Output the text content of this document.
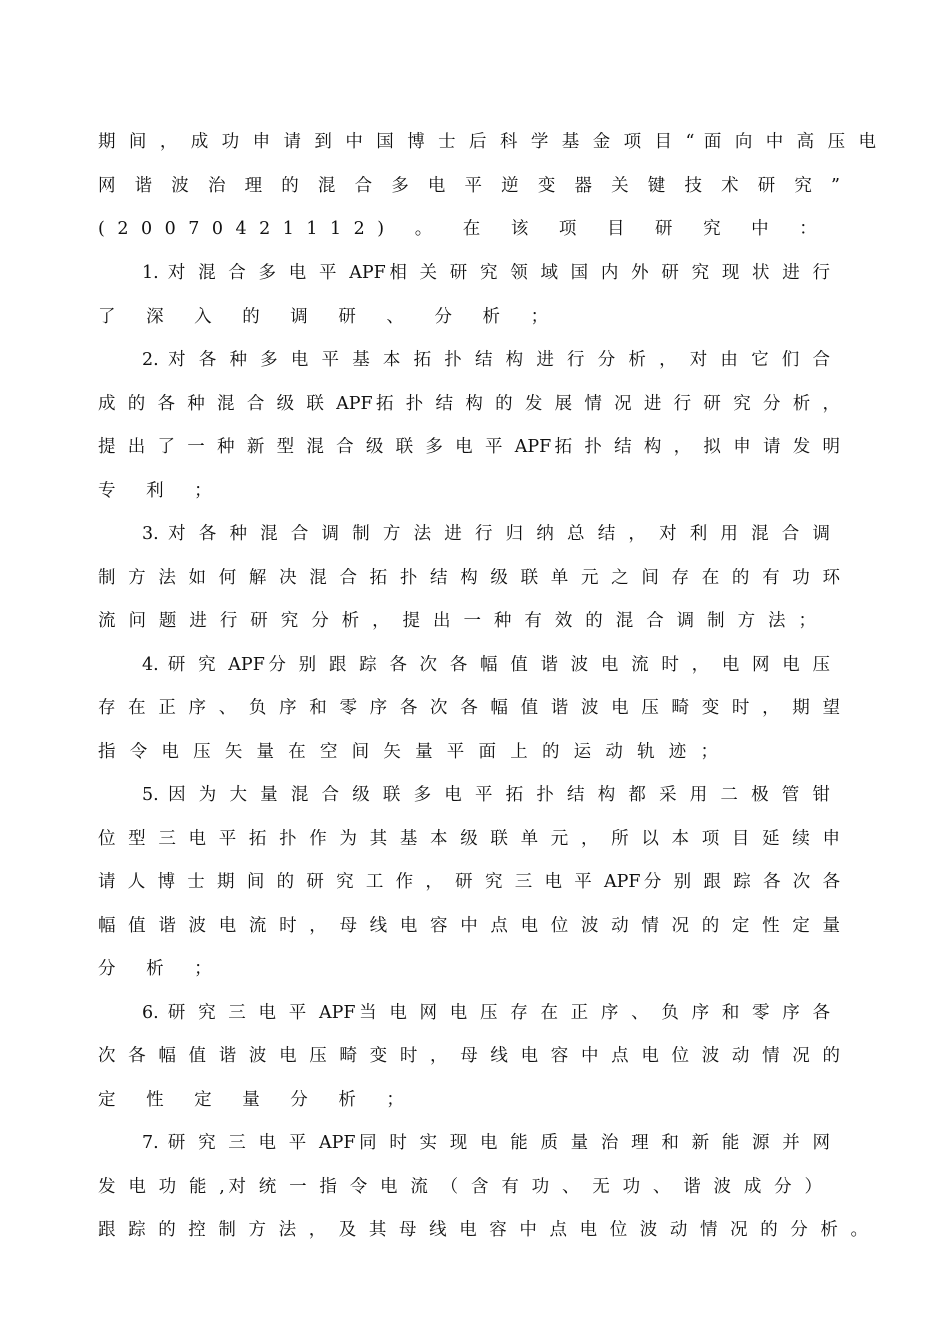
期 间 ， 成 功 申 请 到 中 国 博 士 后 科 学 基 金 项 目 “ 面 向 中 高 压 电
网 谐 波 治 理 的 混 合 多 电 平 逆 变 器 关 键 技 术 研 究 ”
(20070421112) 。 在 该 项 目 研 究 中 ：
1. 对 混 合 多 电 平 APF相 关 研 究 领 域 国 内 外 研 究 现 状 进 行
了 深 入 的 调 研 、 分 析 ；
2. 对 各 种 多 电 平 基 本 拓 扑 结 构 进 行 分 析 ， 对 由 它 们 合
成 的 各 种 混 合 级 联 APF拓 扑 结 构 的 发 展 情 况 进 行 研 究 分 析 ，
提 出 了 一 种 新 型 混 合 级 联 多 电 平 APF拓 扑 结 构 ， 拟 申 请 发 明
专 利 ；
3. 对 各 种 混 合 调 制 方 法 进 行 归 纳 总 结 ， 对 利 用 混 合 调
制 方 法 如 何 解 决 混 合 拓 扑 结 构 级 联 单 元 之 间 存 在 的 有 功 环
流 问 题 进 行 研 究 分 析 ， 提 出 一 种 有 效 的 混 合 调 制 方 法 ；
4. 研 究 APF分 别 跟 踪 各 次 各 幅 值 谐 波 电 流 时 ， 电 网 电 压
存 在 正 序 、 负 序 和 零 序 各 次 各 幅 值 谐 波 电 压 畸 变 时 ， 期 望
指 令 电 压 矢 量 在 空 间 矢 量 平 面 上 的 运 动 轨 迹 ；
5. 因 为 大 量 混 合 级 联 多 电 平 拓 扑 结 构 都 采 用 二 极 管 钳
位 型 三 电 平 拓 扑 作 为 其 基 本 级 联 单 元 ， 所 以 本 项 目 延 续 申
请 人 博 士 期 间 的 研 究 工 作 ， 研 究 三 电 平 APF分 别 跟 踪 各 次 各
幅 值 谐 波 电 流 时 ， 母 线 电 容 中 点 电 位 波 动 情 况 的 定 性 定 量
分 析 ；
6. 研 究 三 电 平 APF当 电 网 电 压 存 在 正 序 、 负 序 和 零 序 各
次 各 幅 值 谐 波 电 压 畸 变 时 ， 母 线 电 容 中 点 电 位 波 动 情 况 的
定 性 定 量 分 析 ；
7. 研 究 三 电 平 APF同 时 实 现 电 能 质 量 治 理 和 新 能 源 并 网
发 电 功 能 ,对 统 一 指 令 电 流 （ 含 有 功 、 无 功 、 谐 波 成 分 ）
跟 踪 的 控 制 方 法 ， 及 其 母 线 电 容 中 点 电 位 波 动 情 况 的 分 析 。
